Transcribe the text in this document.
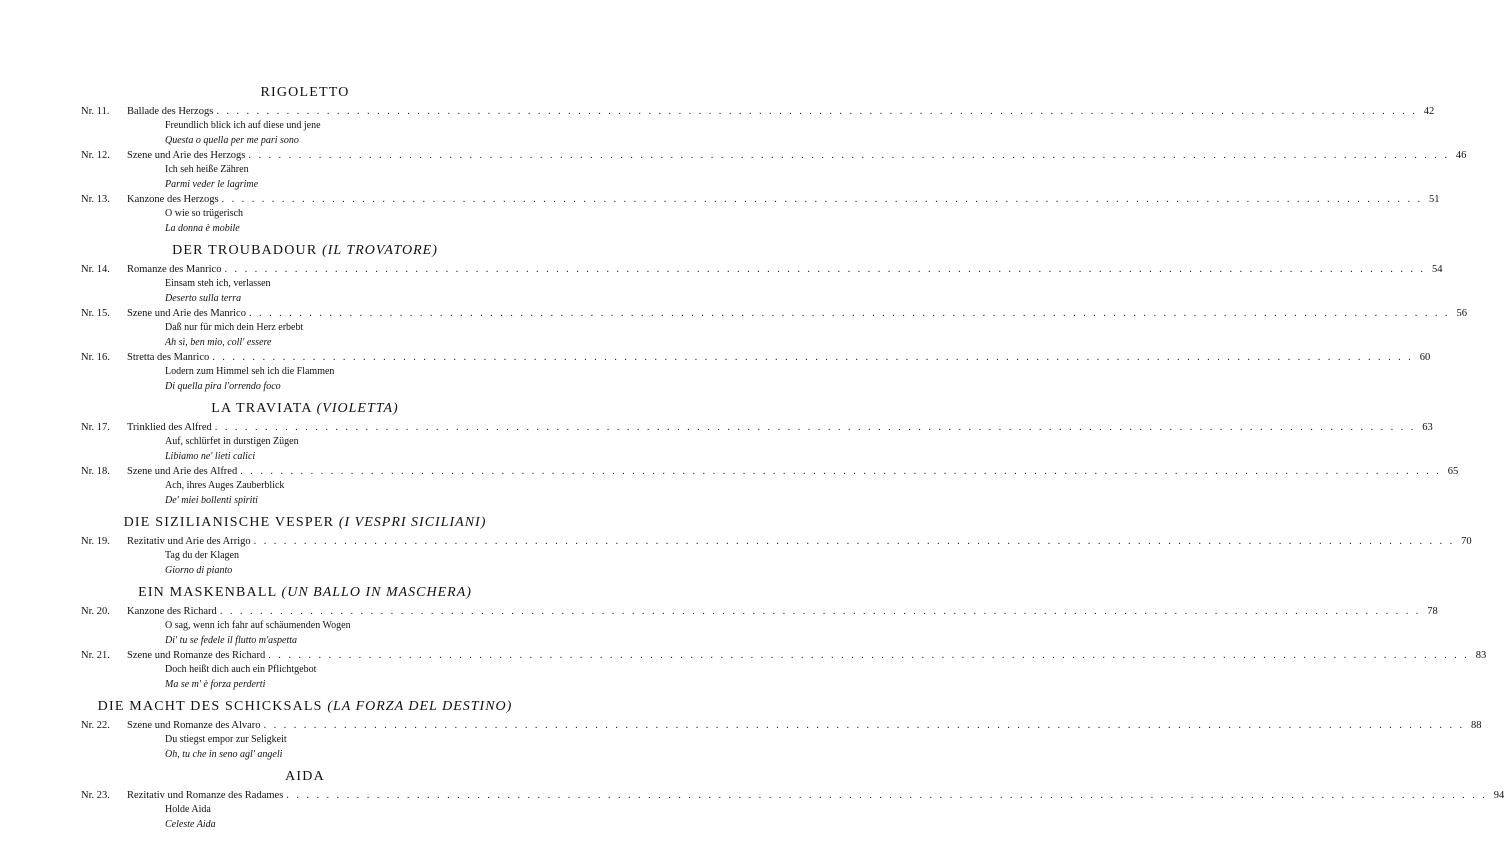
RIGOLETTO
Nr. 11.	Ballade des Herzogs . . . . . . . . . . . . . . . . . . . . . . . . . . . . . . . . . . . . . . . . . . . . . . . . . . . . . . . . . . . . . . . . . . . . . . . . . . . . . . . . . . . . . . . . . . . . . . . . . . . . . . . . . . . . . . . . . . . . . . . . 42
Freundlich blick ich auf diese und jene
Questa o quella per me pari sono
Nr. 12.	Szene und Arie des Herzogs . . . . . . . . . . . . . . . . . . . . . . . . . . . . . . . . . . . . . . . . . . . . . . . . . . . . . . . . . . . . . . . . . . . . . . . . . . . . . . . . . . . . . . . . . . . . . . . . . . . . . . . . . . . . . . . . . . . . . . . . 46
Ich seh heiße Zähren
Parmi veder le lagrime
Nr. 13.	Kanzone des Herzogs . . . . . . . . . . . . . . . . . . . . . . . . . . . . . . . . . . . . . . . . . . . . . . . . . . . . . . . . . . . . . . . . . . . . . . . . . . . . . . . . . . . . . . . . . . . . . . . . . . . . . . . . . . . . . . . . . . . . . . . . 51
O wie so trügerisch
La donna è mobile
DER TROUBADOUR (IL TROVATORE)
Nr. 14.	Romanze des Manrico . . . . . . . . . . . . . . . . . . . . . . . . . . . . . . . . . . . . . . . . . . . . . . . . . . . . . . . . . . . . . . . . . . . . . . . . . . . . . . . . . . . . . . . . . . . . . . . . . . . . . . . . . . . . . . . . . . . . . . . . 54
Einsam steh ich, verlassen
Deserto sulla terra
Nr. 15.	Szene und Arie des Manrico . . . . . . . . . . . . . . . . . . . . . . . . . . . . . . . . . . . . . . . . . . . . . . . . . . . . . . . . . . . . . . . . . . . . . . . . . . . . . . . . . . . . . . . . . . . . . . . . . . . . . . . . . . . . . . . . . . . . . . . . 56
Daß nur für mich dein Herz erbebt
Ah sì, ben mio, coll' essere
Nr. 16.	Stretta des Manrico . . . . . . . . . . . . . . . . . . . . . . . . . . . . . . . . . . . . . . . . . . . . . . . . . . . . . . . . . . . . . . . . . . . . . . . . . . . . . . . . . . . . . . . . . . . . . . . . . . . . . . . . . . . . . . . . . . . . . . . . 60
Lodern zum Himmel seh ich die Flammen
Di quella pira l'orrendo foco
LA TRAVIATA (VIOLETTA)
Nr. 17.	Trinklied des Alfred . . . . . . . . . . . . . . . . . . . . . . . . . . . . . . . . . . . . . . . . . . . . . . . . . . . . . . . . . . . . . . . . . . . . . . . . . . . . . . . . . . . . . . . . . . . . . . . . . . . . . . . . . . . . . . . . . . . . . . . . 63
Auf, schlürfet in durstigen Zügen
Libiamo ne' lieti calici
Nr. 18.	Szene und Arie des Alfred . . . . . . . . . . . . . . . . . . . . . . . . . . . . . . . . . . . . . . . . . . . . . . . . . . . . . . . . . . . . . . . . . . . . . . . . . . . . . . . . . . . . . . . . . . . . . . . . . . . . . . . . . . . . . . . . . . . . . . . . 65
Ach, ihres Auges Zauberblick
De' miei bollenti spiriti
DIE SIZILIANISCHE VESPER (I VESPRI SICILIANI)
Nr. 19.	Rezitativ und Arie des Arrigo . . . . . . . . . . . . . . . . . . . . . . . . . . . . . . . . . . . . . . . . . . . . . . . . . . . . . . . . . . . . . . . . . . . . . . . . . . . . . . . . . . . . . . . . . . . . . . . . . . . . . . . . . . . . . . . . . . . . . . . . 70
Tag du der Klagen
Giorno di pianto
EIN MASKENBALL (UN BALLO IN MASCHERA)
Nr. 20.	Kanzone des Richard . . . . . . . . . . . . . . . . . . . . . . . . . . . . . . . . . . . . . . . . . . . . . . . . . . . . . . . . . . . . . . . . . . . . . . . . . . . . . . . . . . . . . . . . . . . . . . . . . . . . . . . . . . . . . . . . . . . . . . . . 78
O sag, wenn ich fahr auf schäumenden Wogen
Di' tu se fedele il flutto m'aspetta
Nr. 21.	Szene und Romanze des Richard . . . . . . . . . . . . . . . . . . . . . . . . . . . . . . . . . . . . . . . . . . . . . . . . . . . . . . . . . . . . . . . . . . . . . . . . . . . . . . . . . . . . . . . . . . . . . . . . . . . . . . . . . . . . . . . . . . . . . . . . 83
Doch heißt dich auch ein Pflichtgebot
Ma se m' è forza perderti
DIE MACHT DES SCHICKSALS (LA FORZA DEL DESTINO)
Nr. 22.	Szene und Romanze des Alvaro . . . . . . . . . . . . . . . . . . . . . . . . . . . . . . . . . . . . . . . . . . . . . . . . . . . . . . . . . . . . . . . . . . . . . . . . . . . . . . . . . . . . . . . . . . . . . . . . . . . . . . . . . . . . . . . . . . . . . . . . 88
Du stiegst empor zur Seligkeit
Oh, tu che in seno agl' angeli
AIDA
Nr. 23.	Rezitativ und Romanze des Radames . . . . . . . . . . . . . . . . . . . . . . . . . . . . . . . . . . . . . . . . . . . . . . . . . . . . . . . . . . . . . . . . . . . . . . . . . . . . . . . . . . . . . . . . . . . . . . . . . . . . . . . . . . . . . . . . . . . . . . . . 94
Holde Aida
Celeste Aida
